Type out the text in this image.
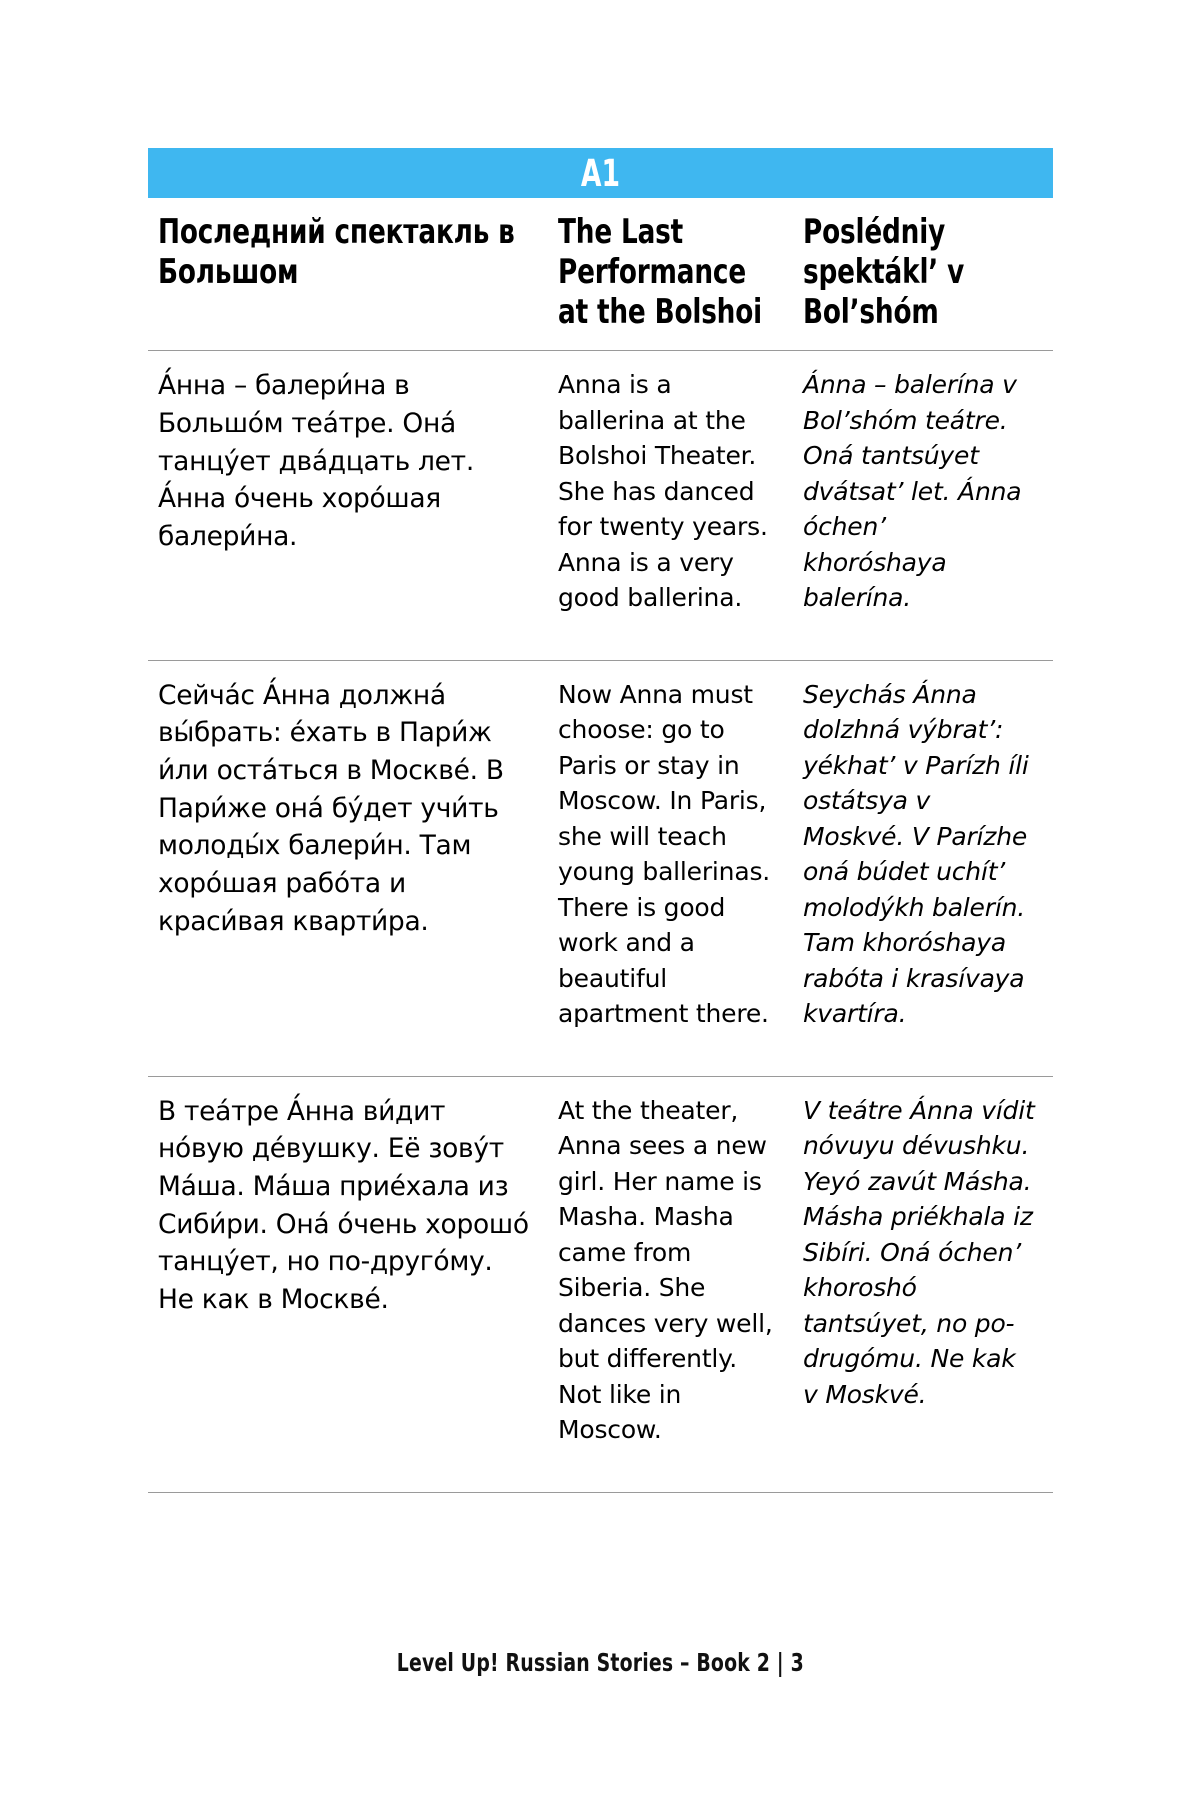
A1
Последний спектакль в Большом	The Last Performance at the Bolshoi	Poslédniy spektákl’ v Bol’shóm

А́нна – балери́на в Большо́м теа́тре. Она́ танцу́ет два́дцать лет. А́нна о́чень хоро́шая балери́на.	Anna is a ballerina at the Bolshoi Theater. She has danced for twenty years. Anna is a very good ballerina.	Ánna – balerína v Bol’shóm teátre. Oná tantsúyet dvátsat’ let. Ánna óchen’ khoróshaya balerína.

Сейча́с А́нна должна́ вы́брать: е́хать в Пари́ж и́ли оста́ться в Москве́. В Пари́же она́ бу́дет учи́ть молоды́х балери́н. Там хоро́шая рабо́та и краси́вая кварти́ра.	Now Anna must choose: go to Paris or stay in Moscow. In Paris, she will teach young ballerinas. There is good work and a beautiful apartment there.	Seychás Ánna dolzhná výbrat’: yékhat’ v Parízh íli ostátsya v Moskvé. V Parízhe oná búdet uchít’ molodýkh balerín. Tam khoróshaya rabóta i krasívaya kvartíra.

В теа́тре А́нна ви́дит но́вую де́вушку. Её зову́т Ма́ша. Ма́ша прие́хала из Сиби́ри. Она́ о́чень хорошо́ танцу́ет, но по-друго́му. Не как в Москве́.	At the theater, Anna sees a new girl. Her name is Masha. Masha came from Siberia. She dances very well, but differently. Not like in Moscow.	V teátre Ánna vídit nóvuyu dévushku. Yeyó zavút Másha. Másha priékhala iz Sibíri. Oná óchen’ khoroshó tantsúyet, no po-drugómu. Ne kak v Moskvé.
Level Up! Russian Stories – Book 2 | 3
